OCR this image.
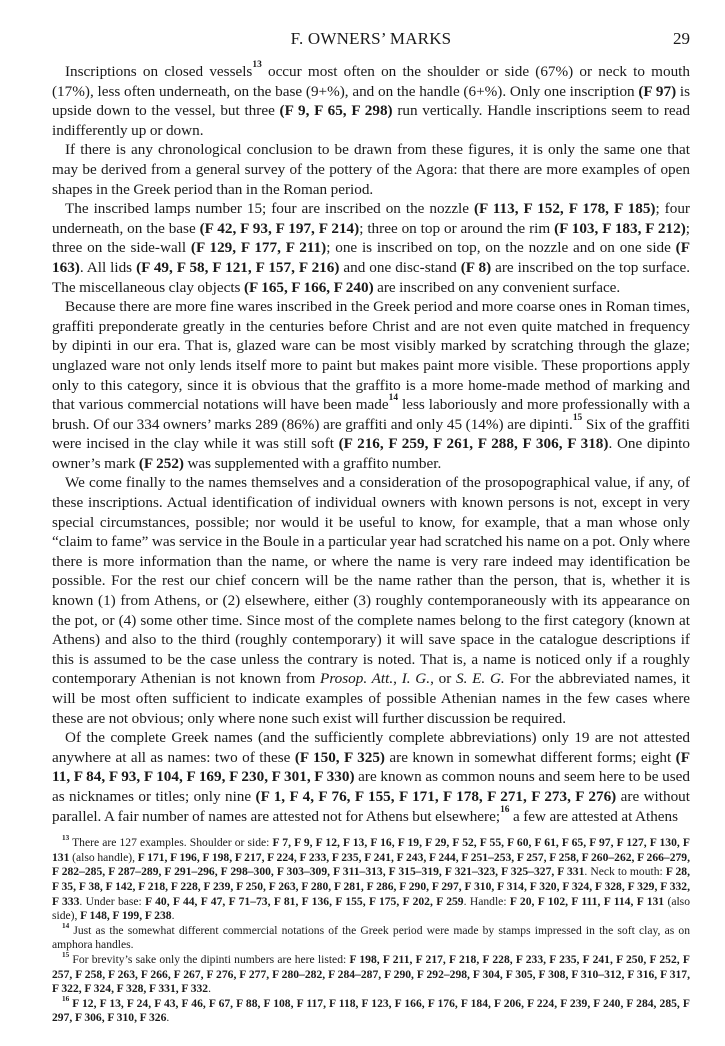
F. OWNERS’ MARKS	29

Inscriptions on closed vessels$^{13}$ occur most often on the shoulder or side (67%) or neck to mouth (17%), less often underneath, on the base (9+%), and on the handle (6+%). Only one inscription (F 97) is upside down to the vessel, but three (F 9, F 65, F 298) run vertically. Handle inscriptions seem to read indifferently up or down.

If there is any chronological conclusion to be drawn from these figures, it is only the same one that may be derived from a general survey of the pottery of the Agora: that there are more examples of open shapes in the Greek period than in the Roman period.

The inscribed lamps number 15; four are inscribed on the nozzle (F 113, F 152, F 178, F 185); four underneath, on the base (F 42, F 93, F 197, F 214); three on top or around the rim (F 103, F 183, F 212); three on the side-wall (F 129, F 177, F 211); one is inscribed on top, on the nozzle and on one side (F 163). All lids (F 49, F 58, F 121, F 157, F 216) and one disc-stand (F 8) are inscribed on the top surface. The miscellaneous clay objects (F 165, F 166, F 240) are inscribed on any convenient surface.

Because there are more fine wares inscribed in the Greek period and more coarse ones in Roman times, graffiti preponderate greatly in the centuries before Christ and are not even quite matched in frequency by dipinti in our era. That is, glazed ware can be most visibly marked by scratching through the glaze; unglazed ware not only lends itself more to paint but makes paint more visible. These proportions apply only to this category, since it is obvious that the graffito is a more home-made method of marking and that various commercial notations will have been made$^{14}$ less laboriously and more professionally with a brush. Of our 334 owners’ marks 289 (86%) are graffiti and only 45 (14%) are dipinti.$^{15}$ Six of the graffiti were incised in the clay while it was still soft (F 216, F 259, F 261, F 288, F 306, F 318). One dipinto owner’s mark (F 252) was supplemented with a graffito number.

We come finally to the names themselves and a consideration of the prosopographical value, if any, of these inscriptions. Actual identification of individual owners with known persons is not, except in very special circumstances, possible; nor would it be useful to know, for example, that a man whose only “claim to fame” was service in the Boule in a particular year had scratched his name on a pot. Only where there is more information than the name, or where the name is very rare indeed may identification be possible. For the rest our chief concern will be the name rather than the person, that is, whether it is known (1) from Athens, or (2) elsewhere, either (3) roughly contemporaneously with its appearance on the pot, or (4) some other time. Since most of the complete names belong to the first category (known at Athens) and also to the third (roughly contemporary) it will save space in the catalogue descriptions if this is assumed to be the case unless the contrary is noted. That is, a name is noticed only if a roughly contemporary Athenian is not known from Prosop. Att., I. G., or S. E. G. For the abbreviated names, it will be most often sufficient to indicate examples of possible Athenian names in the few cases where these are not obvious; only where none such exist will further discussion be required.

Of the complete Greek names (and the sufficiently complete abbreviations) only 19 are not attested anywhere at all as names: two of these (F 150, F 325) are known in somewhat different forms; eight (F 11, F 84, F 93, F 104, F 169, F 230, F 301, F 330) are known as common nouns and seem here to be used as nicknames or titles; only nine (F 1, F 4, F 76, F 155, F 171, F 178, F 271, F 273, F 276) are without parallel. A fair number of names are attested not for Athens but elsewhere;$^{16}$ a few are attested at Athens

$^{13}$ There are 127 examples. Shoulder or side: F 7, F 9, F 12, F 13, F 16, F 19, F 29, F 52, F 55, F 60, F 61, F 65, F 97, F 127, F 130, F 131 (also handle), F 171, F 196, F 198, F 217, F 224, F 233, F 235, F 241, F 243, F 244, F 251–253, F 257, F 258, F 260–262, F 266–279, F 282–285, F 287–289, F 291–296, F 298–300, F 303–309, F 311–313, F 315–319, F 321–323, F 325–327, F 331. Neck to mouth: F 28, F 35, F 38, F 142, F 218, F 228, F 239, F 250, F 263, F 280, F 281, F 286, F 290, F 297, F 310, F 314, F 320, F 324, F 328, F 329, F 332, F 333. Under base: F 40, F 44, F 47, F 71–73, F 81, F 136, F 155, F 175, F 202, F 259. Handle: F 20, F 102, F 111, F 114, F 131 (also side), F 148, F 199, F 238.

$^{14}$ Just as the somewhat different commercial notations of the Greek period were made by stamps impressed in the soft clay, as on amphora handles.

$^{15}$ For brevity’s sake only the dipinti numbers are here listed: F 198, F 211, F 217, F 218, F 228, F 233, F 235, F 241, F 250, F 252, F 257, F 258, F 263, F 266, F 267, F 276, F 277, F 280–282, F 284–287, F 290, F 292–298, F 304, F 305, F 308, F 310–312, F 316, F 317, F 322, F 324, F 328, F 331, F 332.

$^{16}$ F 12, F 13, F 24, F 43, F 46, F 67, F 88, F 108, F 117, F 118, F 123, F 166, F 176, F 184, F 206, F 224, F 239, F 240, F 284, 285, F 297, F 306, F 310, F 326.
